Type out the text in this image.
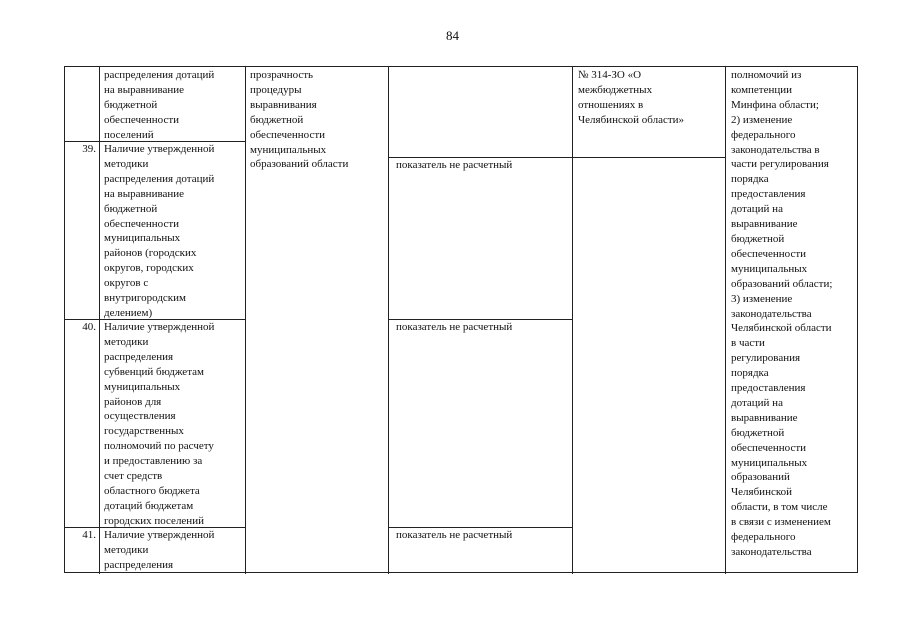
84
распределения дотаций
на выравнивание
бюджетной
обеспеченности
поселений
39. Наличие утвержденной
методики
распределения дотаций
на выравнивание
бюджетной
обеспеченности
муниципальных
районов (городских
округов, городских
округов с
внутригородским
делением)
показатель не расчетный
40. Наличие утвержденной
методики
распределения
субвенций бюджетам
муниципальных
районов для
осуществления
государственных
полномочий по расчету
и предоставлению за
счет средств
областного бюджета
дотаций бюджетам
городских поселений
показатель не расчетный
41. Наличие утвержденной
методики
распределения
показатель не расчетный
прозрачность
процедуры
выравнивания
бюджетной
обеспеченности
муниципальных
образований области
№ 314-ЗО «О
межбюджетных
отношениях в
Челябинской области»
полномочий из
компетенции
Минфина области;
2) изменение
федерального
законодательства в
части регулирования
порядка
предоставления
дотаций на
выравнивание
бюджетной
обеспеченности
муниципальных
образований области;
3) изменение
законодательства
Челябинской области
в части
регулирования
порядка
предоставления
дотаций на
выравнивание
бюджетной
обеспеченности
муниципальных
образований
Челябинской
области, в том числе
в связи с изменением
федерального
законодательства
